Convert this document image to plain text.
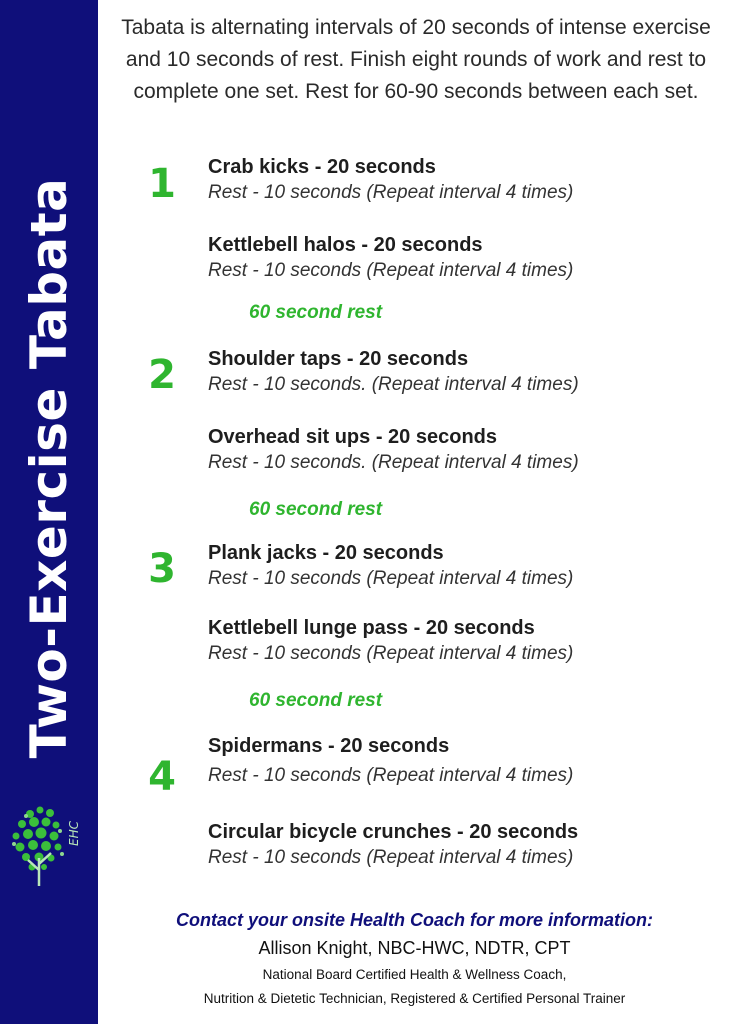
Two-Exercise Tabata
EHC
Tabata is alternating intervals of 20 seconds of intense exercise and 10 seconds of rest. Finish eight rounds of work and rest to complete one set. Rest for 60-90 seconds between each set.
1	Crab kicks - 20 seconds
Rest - 10 seconds (Repeat interval 4 times)
Kettlebell halos - 20 seconds
Rest - 10 seconds (Repeat interval 4 times)
60 second rest
2	Shoulder taps - 20 seconds
Rest - 10 seconds. (Repeat interval 4 times)
Overhead sit ups - 20 seconds
Rest - 10 seconds. (Repeat interval 4 times)
60 second rest
3	Plank jacks - 20 seconds
Rest - 10 seconds (Repeat interval 4 times)
Kettlebell lunge pass - 20 seconds
Rest - 10 seconds (Repeat interval 4 times)
60 second rest
4
Spidermans - 20 seconds
Rest - 10 seconds (Repeat interval 4 times)
Circular bicycle crunches - 20 seconds
Rest - 10 seconds (Repeat interval 4 times)
Contact your onsite Health Coach for more information:
Allison Knight, NBC-HWC, NDTR, CPT
National Board Certified Health & Wellness Coach,
Nutrition & Dietetic Technician, Registered & Certified Personal Trainer
